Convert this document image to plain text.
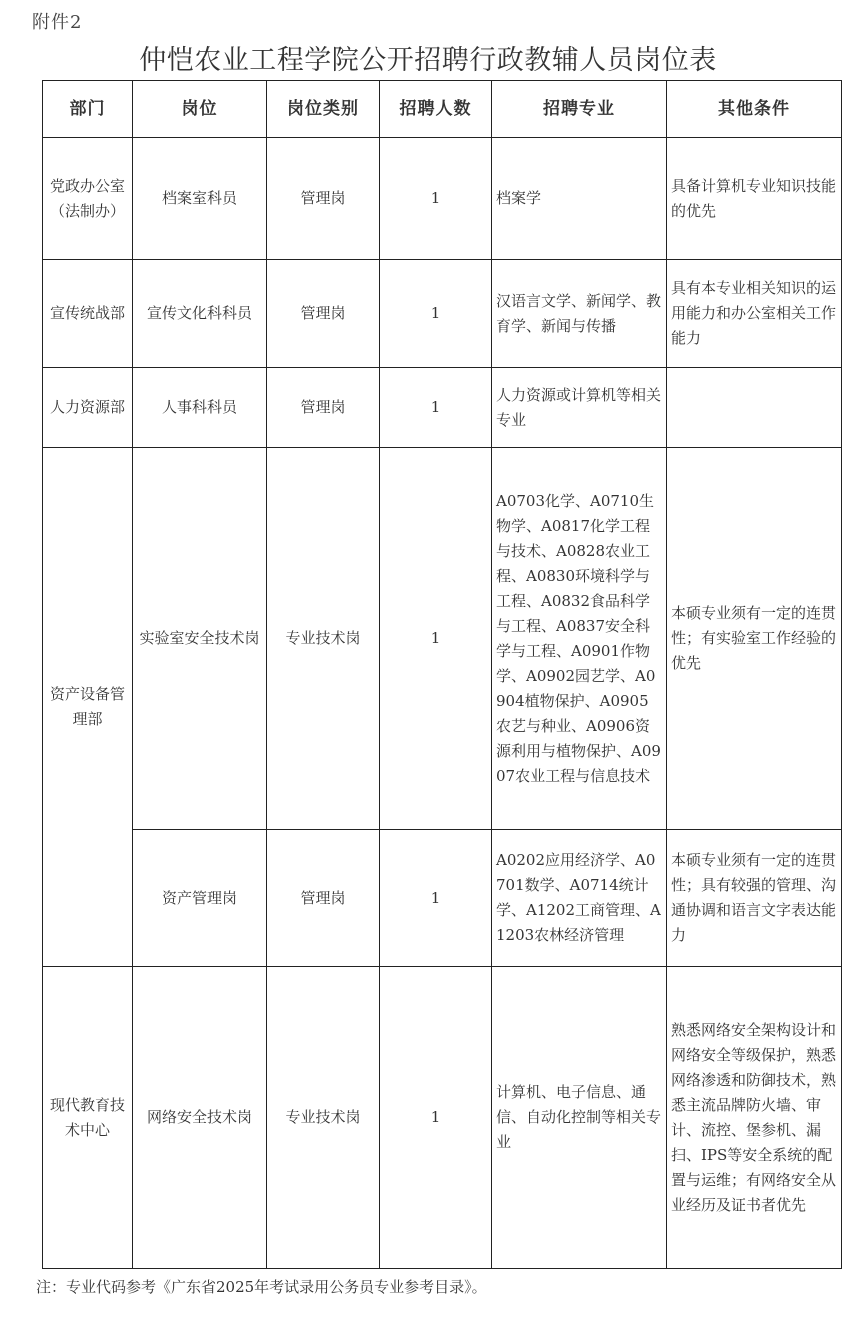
附件2
仲恺农业工程学院公开招聘行政教辅人员岗位表
部门	岗位	岗位类别	招聘人数	招聘专业	其他条件
党政办公室（法制办）	档案室科员	管理岗	1	档案学	具备计算机专业知识技能的优先
宣传统战部	宣传文化科科员	管理岗	1	汉语言文学、新闻学、教育学、新闻与传播	具有本专业相关知识的运用能力和办公室相关工作能力
人力资源部	人事科科员	管理岗	1	人力资源或计算机等相关专业	
资产设备管理部	实验室安全技术岗	专业技术岗	1	A0703化学、A0710生物学、A0817化学工程与技术、A0828农业工程、A0830环境科学与工程、A0832食品科学与工程、A0837安全科学与工程、A0901作物学、A0902园艺学、A0904植物保护、A0905农艺与种业、A0906资源利用与植物保护、A0907农业工程与信息技术	本硕专业须有一定的连贯性；有实验室工作经验的优先
	资产管理岗	管理岗	1	A0202应用经济学、A0701数学、A0714统计学、A1202工商管理、A1203农林经济管理	本硕专业须有一定的连贯性；具有较强的管理、沟通协调和语言文字表达能力
现代教育技术中心	网络安全技术岗	专业技术岗	1	计算机、电子信息、通信、自动化控制等相关专业	熟悉网络安全架构设计和网络安全等级保护，熟悉网络渗透和防御技术，熟悉主流品牌防火墙、审计、流控、堡参机、漏扫、IPS等安全系统的配置与运维；有网络安全从业经历及证书者优先
注：专业代码参考《广东省2025年考试录用公务员专业参考目录》。
